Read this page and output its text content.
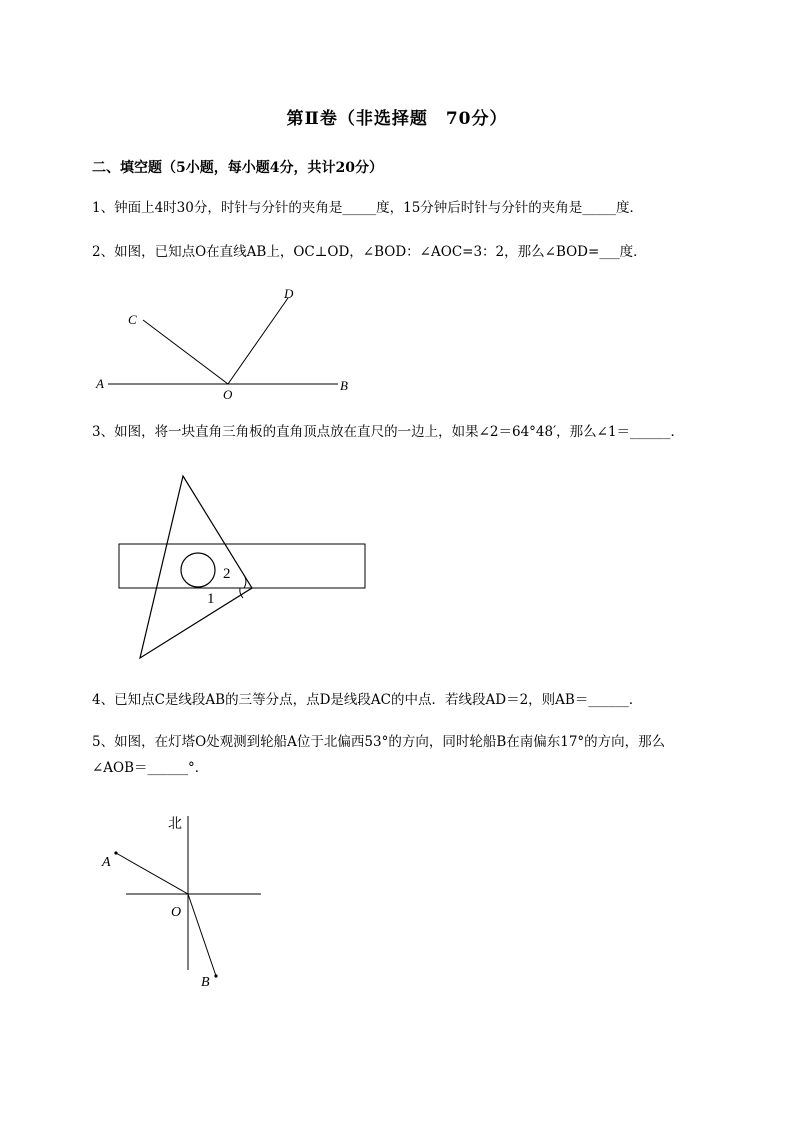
第Ⅱ卷（非选择题　70分）
二、填空题（5小题，每小题4分，共计20分）
1、钟面上4时30分，时针与分针的夹角是_____度，15分钟后时针与分针的夹角是_____度．
2、如图，已知点O在直线AB上，OC⊥OD，∠BOD：∠AOC=3：2，那么∠BOD=___度．
A	B
C
D
O
3、如图，将一块直角三角板的直角顶点放在直尺的一边上，如果∠2＝64°48′，那么∠1＝______．
2
1
4、已知点C是线段AB的三等分点，点D是线段AC的中点．若线段AD＝2，则AB＝______．
5、如图，在灯塔O处观测到轮船A位于北偏西53°的方向，同时轮船B在南偏东17°的方向，那么
∠AOB＝______°．
北
A
O
B
